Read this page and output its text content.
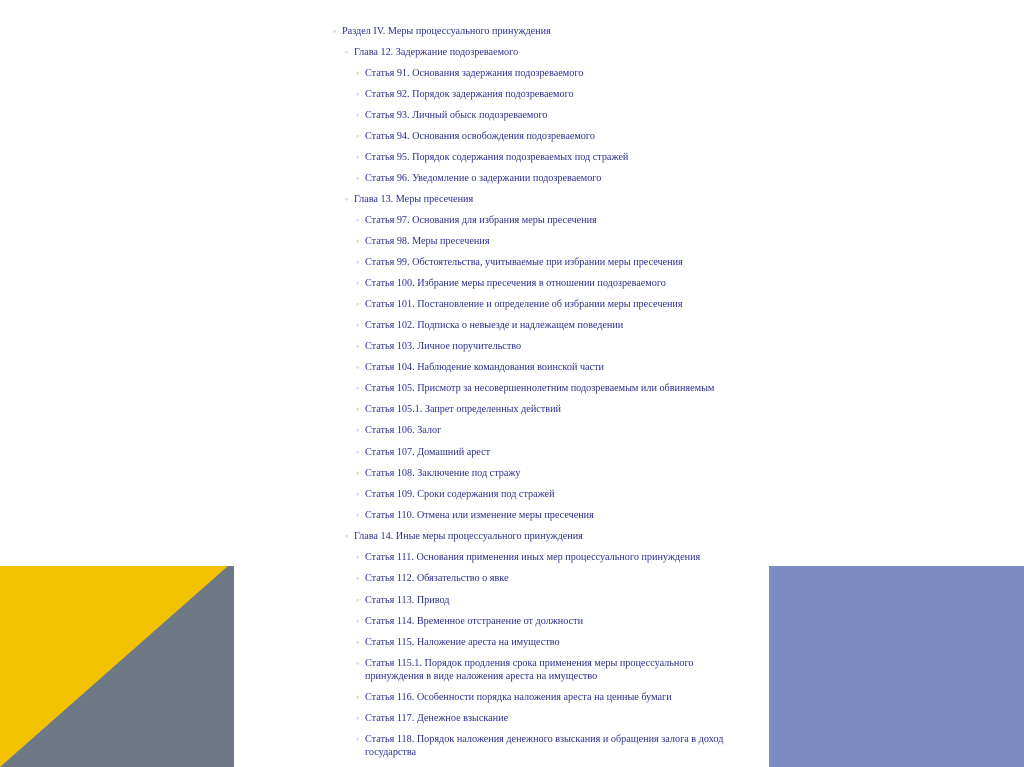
◦ Раздел IV. Меры процессуального принуждения
◦ Глава 12. Задержание подозреваемого
◦ Статья 91. Основания задержания подозреваемого
◦ Статья 92. Порядок задержания подозреваемого
◦ Статья 93. Личный обыск подозреваемого
◦ Статья 94. Основания освобождения подозреваемого
◦ Статья 95. Порядок содержания подозреваемых под стражей
◦ Статья 96. Уведомление о задержании подозреваемого
◦ Глава 13. Меры пресечения
◦ Статья 97. Основания для избрания меры пресечения
◦ Статья 98. Меры пресечения
◦ Статья 99. Обстоятельства, учитываемые при избрании меры пресечения
◦ Статья 100. Избрание меры пресечения в отношении подозреваемого
◦ Статья 101. Постановление и определение об избрании меры пресечения
◦ Статья 102. Подписка о невыезде и надлежащем поведении
◦ Статья 103. Личное поручительство
◦ Статья 104. Наблюдение командования воинской части
◦ Статья 105. Присмотр за несовершеннолетним подозреваемым или обвиняемым
◦ Статья 105.1. Запрет определенных действий
◦ Статья 106. Залог
◦ Статья 107. Домашний арест
◦ Статья 108. Заключение под стражу
◦ Статья 109. Сроки содержания под стражей
◦ Статья 110. Отмена или изменение меры пресечения
◦ Глава 14. Иные меры процессуального принуждения
◦ Статья 111. Основания применения иных мер процессуального принуждения
◦ Статья 112. Обязательство о явке
◦ Статья 113. Привод
◦ Статья 114. Временное отстранение от должности
◦ Статья 115. Наложение ареста на имущество
◦ Статья 115.1. Порядок продления срока применения меры процессуального принуждения в виде наложения ареста на имущество
◦ Статья 116. Особенности порядка наложения ареста на ценные бумаги
◦ Статья 117. Денежное взыскание
◦ Статья 118. Порядок наложения денежного взыскания и обращения залога в доход государства
